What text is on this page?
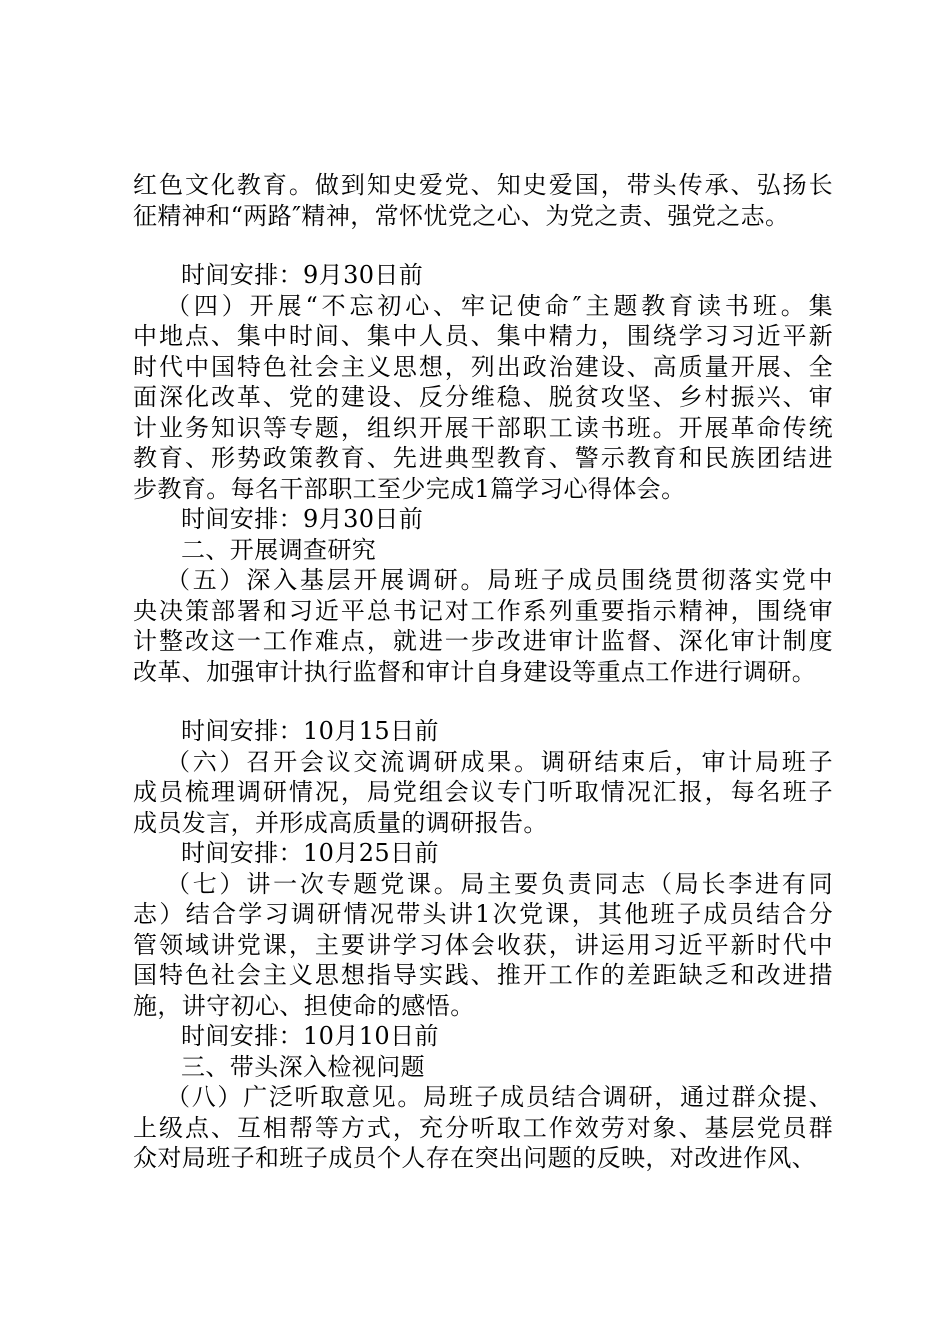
红色文化教育。做到知史爱党、知史爱国，带头传承、弘扬长
征精神和“两路″精神，常怀忧党之心、为党之责、强党之志。
时间安排：9月30日前
（四）开展“不忘初心、牢记使命″主题教育读书班。集
中地点、集中时间、集中人员、集中精力，围绕学习习近平新
时代中国特色社会主义思想，列出政治建设、高质量开展、全
面深化改革、党的建设、反分维稳、脱贫攻坚、乡村振兴、审
计业务知识等专题，组织开展干部职工读书班。开展革命传统
教育、形势政策教育、先进典型教育、警示教育和民族团结进
步教育。每名干部职工至少完成1篇学习心得体会。
时间安排：9月30日前
二、开展调查研究
（五）深入基层开展调研。局班子成员围绕贯彻落实党中
央决策部署和习近平总书记对工作系列重要指示精神，围绕审
计整改这一工作难点，就进一步改进审计监督、深化审计制度
改革、加强审计执行监督和审计自身建设等重点工作进行调研。
时间安排：10月15日前
（六）召开会议交流调研成果。调研结束后，审计局班子
成员梳理调研情况，局党组会议专门听取情况汇报，每名班子
成员发言，并形成高质量的调研报告。
时间安排：10月25日前
（七）讲一次专题党课。局主要负责同志（局长李进有同
志）结合学习调研情况带头讲1次党课，其他班子成员结合分
管领域讲党课，主要讲学习体会收获，讲运用习近平新时代中
国特色社会主义思想指导实践、推开工作的差距缺乏和改进措
施，讲守初心、担使命的感悟。
时间安排：10月10日前
三、带头深入检视问题
（八）广泛听取意见。局班子成员结合调研，通过群众提、
上级点、互相帮等方式，充分听取工作效劳对象、基层党员群
众对局班子和班子成员个人存在突出问题的反映，对改进作风、
